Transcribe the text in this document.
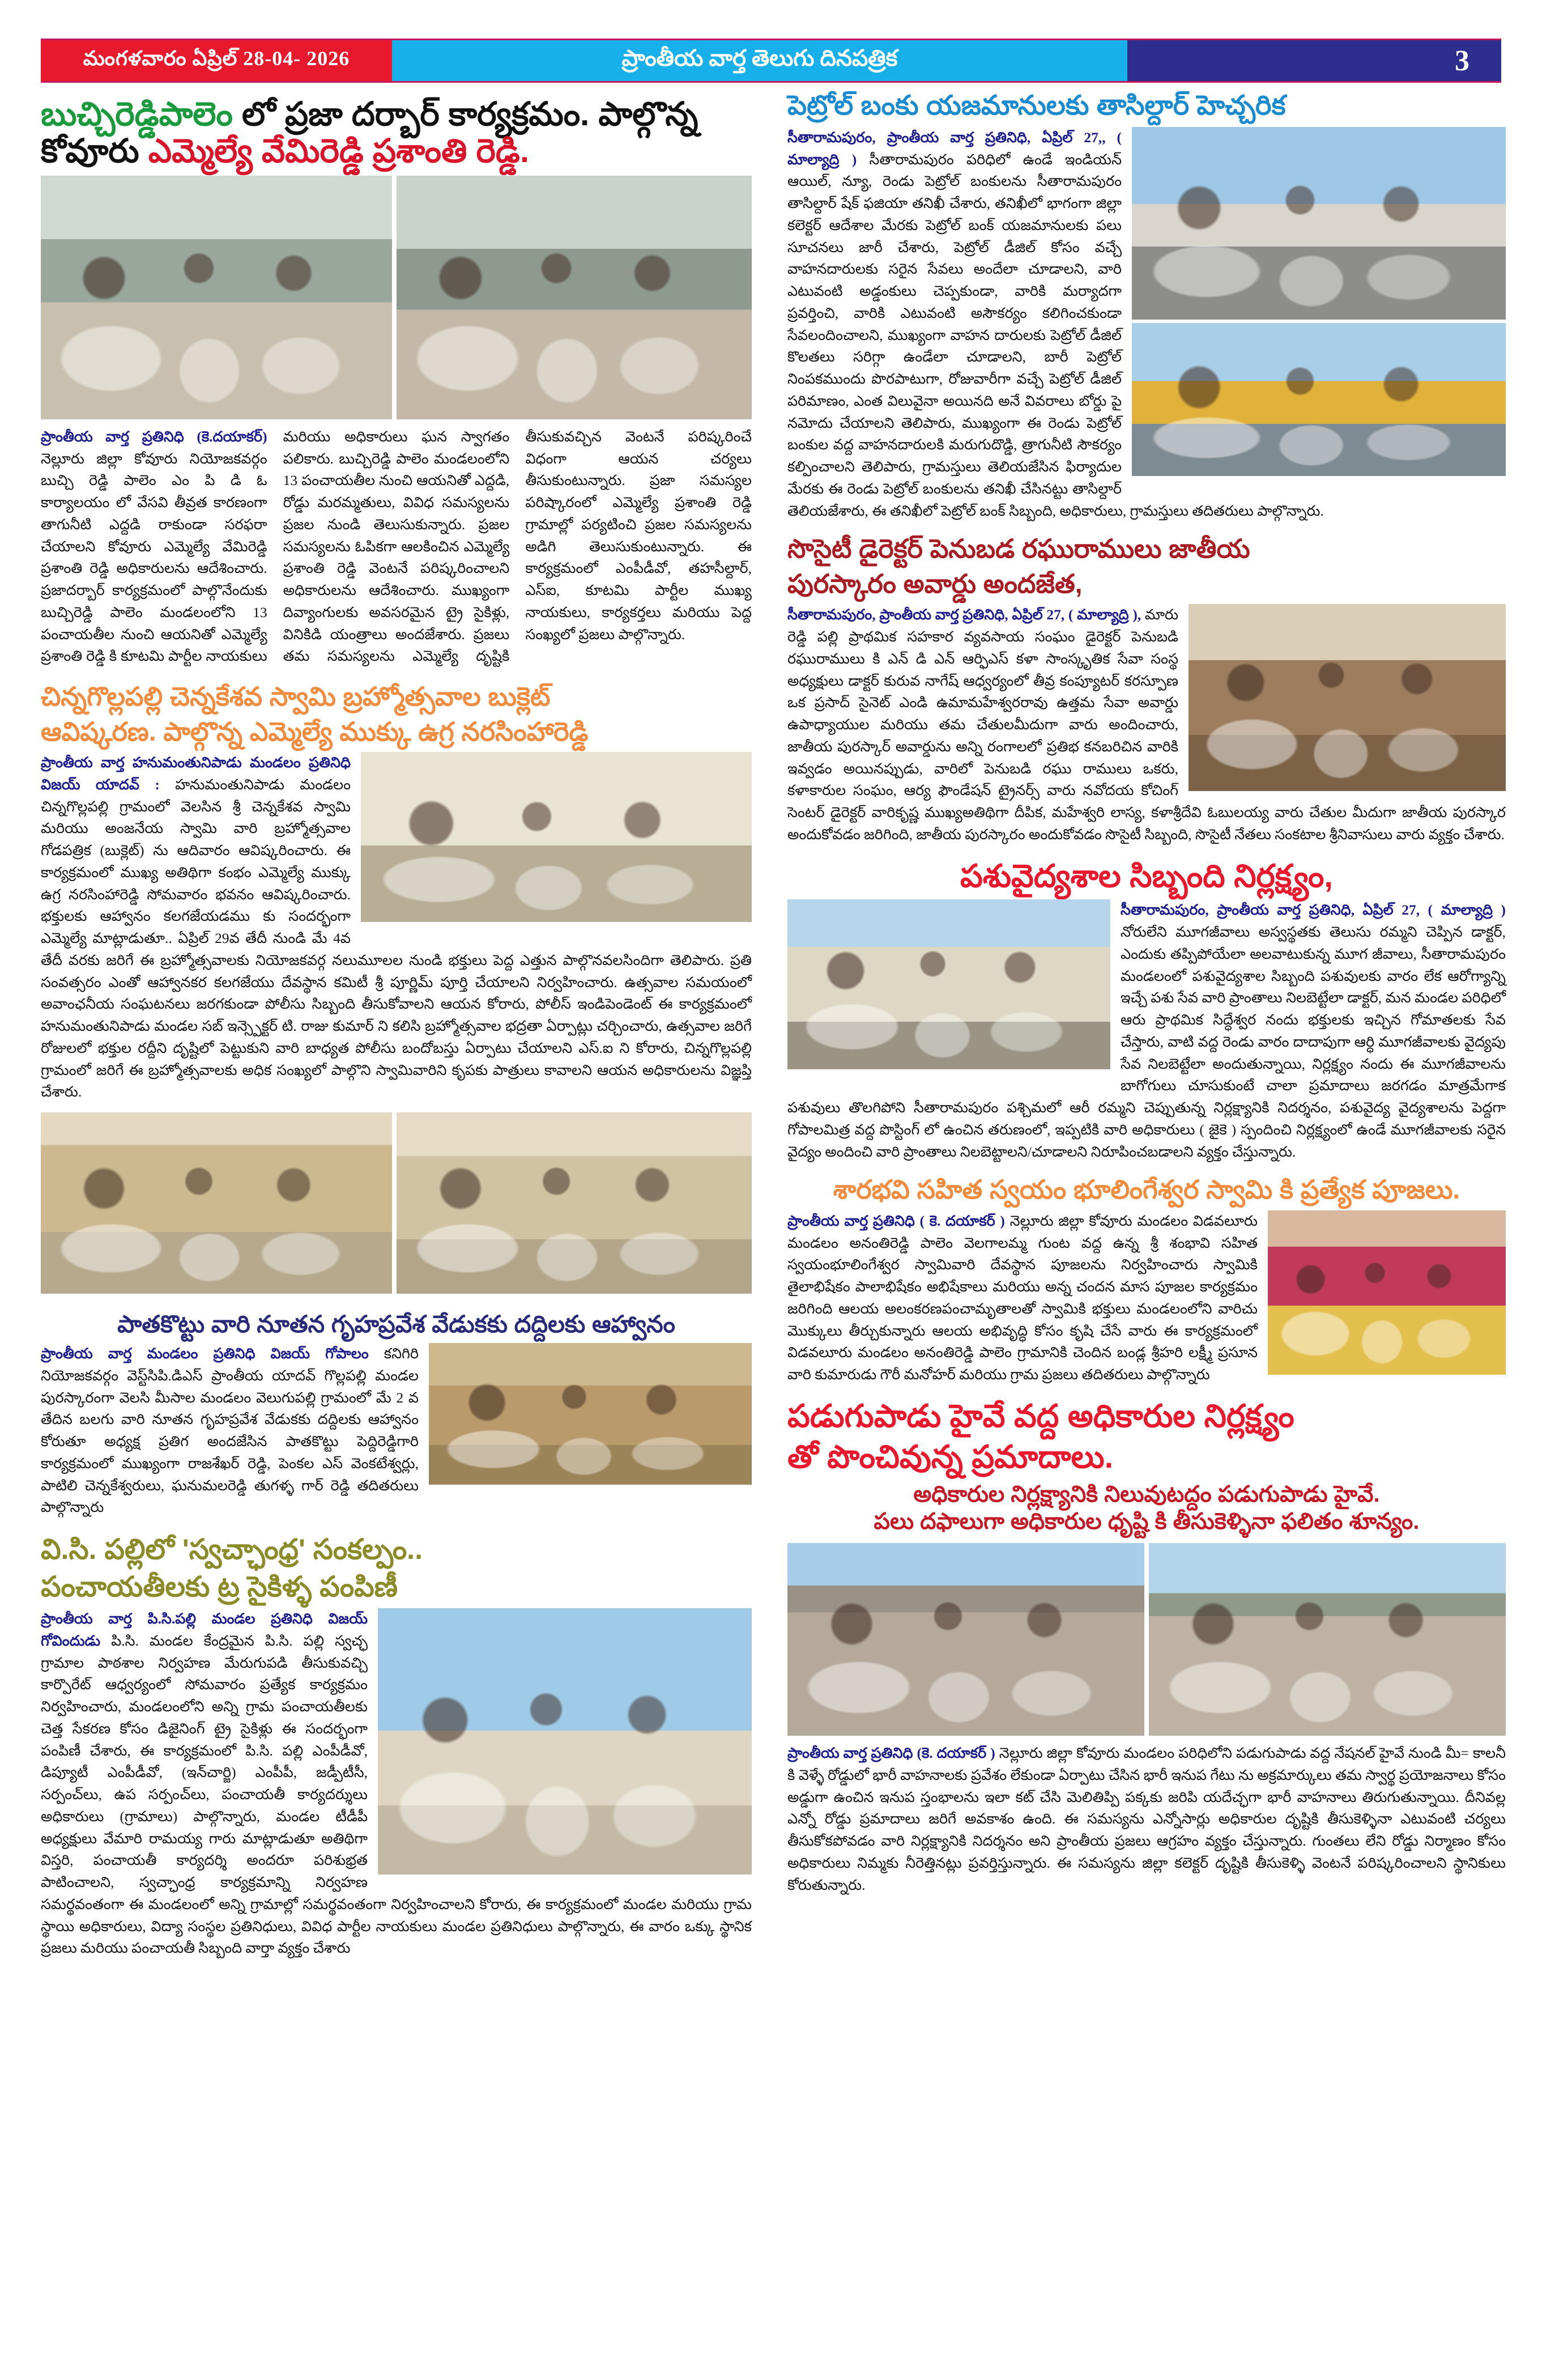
మంగళవారం ఏప్రిల్ 28-04- 2026	ప్రాంతీయ వార్త తెలుగు దినపత్రిక	3
బుచ్చిరెడ్డిపాలెం లో ప్రజా దర్బార్ కార్యక్రమం. పాల్గొన్న కోవూరు ఎమ్మెల్యే వేమిరెడ్డి ప్రశాంతి రెడ్డి.
ప్రాంతీయ వార్త ప్రతినిధి (కె.దయాకర్) నెల్లూరు జిల్లా కోవూరు నియోజకవర్గం బుచ్చి రెడ్డి పాలెం ఎం పి డి ఓ కార్యాలయం లో వేసవి తీవ్రత కారణంగా తాగునీటి ఎద్దడి రాకుండా సరఫరా చేయాలని కోవూరు ఎమ్మెల్యే వేమిరెడ్డి ప్రశాంతి రెడ్డి అధికారులను ఆదేశించారు. ప్రజాదర్బార్ కార్యక్రమంలో పాల్గొనేందుకు బుచ్చిరెడ్డి పాలెం మండలంలోని 13 పంచాయతీల నుంచి ఆయనితో ఎమ్మెల్యే ప్రశాంతి రెడ్డి కి కూటమి పార్టీల నాయకులు మరియు అధికారులు ఘన స్వాగతం పలికారు. బుచ్చిరెడ్డి పాలెం మండలంలోని 13 పంచాయతీల నుంచి ఆయనితో ఎద్దడి, రోడ్డు మరమ్మతులు, వివిధ సమస్యలను ప్రజల నుండి తెలుసుకున్నారు. ప్రజల సమస్యలను ఓపికగా ఆలకించిన ఎమ్మెల్యే ప్రశాంతి రెడ్డి వెంటనే పరిష్కరించాలని అధికారులను ఆదేశించారు. ముఖ్యంగా దివ్యాంగులకు అవసరమైన ట్రై సైకిళ్లు, వినికిడి యంత్రాలు అందజేశారు. ప్రజలు తమ సమస్యలను ఎమ్మెల్యే దృష్టికి తీసుకువచ్చిన వెంటనే పరిష్కరించే విధంగా ఆయన చర్యలు తీసుకుంటున్నారు. ప్రజా సమస్యల పరిష్కారంలో ఎమ్మెల్యే ప్రశాంతి రెడ్డి గ్రామాల్లో పర్యటించి ప్రజల సమస్యలను అడిగి తెలుసుకుంటున్నారు. ఈ కార్యక్రమంలో ఎంపీడీవో, తహసీల్దార్, ఎస్‌ఐ, కూటమి పార్టీల ముఖ్య నాయకులు, కార్యకర్తలు మరియు పెద్ద సంఖ్యలో ప్రజలు పాల్గొన్నారు.
చిన్నగొల్లపల్లి చెన్నకేశవ స్వామి బ్రహ్మోత్సవాల బుక్లెట్
ఆవిష్కరణ. పాల్గొన్న ఎమ్మెల్యే ముక్కు ఉగ్ర నరసింహారెడ్డి
ప్రాంతీయ వార్త హనుమంతునిపాడు మండలం ప్రతినిధి విజయ్ యాదవ్ : హనుమంతునిపాడు మండలం చిన్నగొల్లపల్లి గ్రామంలో వెలసిన శ్రీ చెన్నకేశవ స్వామి మరియు అంజనేయ స్వామి వారి బ్రహ్మోత్సవాల గోడపత్రిక (బుక్లెట్) ను ఆదివారం ఆవిష్కరించారు. ఈ కార్యక్రమంలో ముఖ్య అతిథిగా కంభం ఎమ్మెల్యే ముక్కు ఉగ్ర నరసింహారెడ్డి సోమవారం భవనం ఆవిష్కరించారు. భక్తులకు ఆహ్వానం కలగజేయడము కు సందర్భంగా ఎమ్మెల్యే మాట్లాడుతూ.. ఏప్రిల్ 29వ తేదీ నుండి మే 4వ తేదీ వరకు జరిగే ఈ బ్రహ్మోత్సవాలకు నియోజకవర్గ నలుమూలల నుండి భక్తులు పెద్ద ఎత్తున పాల్గొనవలసిందిగా తెలిపారు. ప్రతి సంవత్సరం ఎంతో ఆహ్వానకర కలగజేయు దేవస్థాన కమిటీ శ్రీ పూర్ణిమ్ పూర్తి చేయాలని నిర్వహించారు. ఉత్సవాల సమయంలో అవాంఛనీయ సంఘటనలు జరగకుండా పోలీసు సిబ్బంది తీసుకోవాలని ఆయన కోరారు, పోలీస్ ఇండిపెండెంట్ ఈ కార్యక్రమంలో హనుమంతునిపాడు మండల సబ్ ఇన్స్పెక్టర్ టి. రాజు కుమార్ ని కలిసి బ్రహ్మోత్సవాల భద్రతా ఏర్పాట్లు చర్చించారు, ఉత్సవాల జరిగే రోజులలో భక్తుల రద్దీని దృష్టిలో పెట్టుకుని వారి బాధ్యత పోలీసు బందోబస్తు ఏర్పాటు చేయాలని ఎస్.ఐ ని కోరారు, చిన్నగొల్లపల్లి గ్రామంలో జరిగే ఈ బ్రహ్మోత్సవాలకు అధిక సంఖ్యలో పాల్గొని స్వామివారిని కృపకు పాత్రులు కావాలని ఆయన అధికారులను విజ్ఞప్తి చేశారు.
పాతకొట్టు వారి నూతన గృహప్రవేశ వేడుకకు దద్దిలకు ఆహ్వానం
ప్రాంతీయ వార్త మండలం ప్రతినిధి విజయ్ గోపాలం కనిగిరి నియోజకవర్గం వెస్ట్‌సిపి.డిఎస్ ప్రాంతీయ యాదవ్ గొల్లపల్లి మండల పురస్కారంగా వెలసి మీసాల మండలం వెలుగుపల్లి గ్రామంలో మే 2 వ తేదిన బలగు వారి నూతన గృహప్రవేశ వేడుకకు దద్దిలకు ఆహ్వానం కోరుతూ అధ్యక్ష ప్రతిగ అందజేసిన పాతకొట్టు పెద్దిరెడ్డిగారి కార్యక్రమంలో ముఖ్యంగా రాజశేఖర్ రెడ్డి, పెంకల ఎస్ వెంకటేశ్వర్లు, పాటిలి చెన్నకేశ్వరులు, ఘనుమలరెడ్డి తుగళ్ళ గార్ రెడ్డి తదితరులు పాల్గొన్నారు
వి.సి. పల్లిలో 'స్వచ్ఛాంధ్ర' సంకల్పం..
పంచాయతీలకు ట్ర సైకిళ్ళ పంపిణీ
ప్రాంతీయ వార్త పి.సి.పల్లి మండల ప్రతినిధి విజయ్ గోవిందుడు పి.సి. మండల కేంద్రమైన పి.సి. పల్లి స్వచ్ఛ గ్రామాల పాఠశాల నిర్వహణ మేరుగుపడి తీసుకువచ్చి కార్పొరేట్ ఆధ్వర్యంలో సోమవారం ప్రత్యేక కార్యక్రమం నిర్వహించారు, మండలంలోని అన్ని గ్రామ పంచాయతీలకు చెత్త సేకరణ కోసం డిజైనింగ్ ట్రై సైకిళ్లు ఈ సందర్భంగా పంపిణీ చేశారు, ఈ కార్యక్రమంలో పి.సి. పల్లి ఎంపీడీవో, డిప్యూటీ ఎంపీడీవో, (ఇన్‌చార్జి) ఎంపీపీ, జడ్పీటీసీ, సర్పంచ్‌లు, ఉప సర్పంచ్‌లు, పంచాయతీ కార్యదర్శులు అధికారులు (గ్రామాలు) పాల్గొన్నారు, మండల టీడీపీ అధ్యక్షులు వేమారి రామయ్య గారు మాట్లాడుతూ అతిథిగా విస్తరి, పంచాయతీ కార్యదర్శి అందరూ పరిశుభ్రత పాటించాలని, స్వచ్ఛాంధ్ర కార్యక్రమాన్ని నిర్వహణ సమర్థవంతంగా ఈ మండలంలో అన్ని గ్రామాల్లో సమర్థవంతంగా నిర్వహించాలని కోరారు, ఈ కార్యక్రమంలో మండల మరియు గ్రామ స్థాయి అధికారులు, విద్యా సంస్థల ప్రతినిధులు, వివిధ పార్టీల నాయకులు మండల ప్రతినిధులు పాల్గొన్నారు, ఈ వారం ఒక్కు స్థానిక ప్రజలు మరియు పంచాయతీ సిబ్బంది వార్తా వ్యక్తం చేశారు
పెట్రోల్ బంకు యజమానులకు తాసిల్దార్ హెచ్చరిక
సీతారామపురం, ప్రాంతీయ వార్త ప్రతినిధి, ఏప్రిల్ 27,, ( మాల్యాద్రి ) సీతారామపురం పరిధిలో ఉండే ఇండియన్ ఆయిల్, న్యూ, రెండు పెట్రోల్ బంకులను సీతారామపురం తాసిల్దార్ షేక్ ఫజియా తనిఖీ చేశారు, తనిఖీలో భాగంగా జిల్లా కలెక్టర్ ఆదేశాల మేరకు పెట్రోల్ బంక్ యజమానులకు పలు సూచనలు జారీ చేశారు, పెట్రోల్ డీజిల్ కోసం వచ్చే వాహనదారులకు సరైన సేవలు అందేలా చూడాలని, వారి ఎటువంటి అడ్డంకులు చెప్పకుండా, వారికి మర్యాదగా ప్రవర్తించి, వారికి ఎటువంటి అసౌకర్యం కలిగించకుండా సేవలందించాలని, ముఖ్యంగా వాహన దారులకు పెట్రోల్ డీజిల్ కొలతలు సరిగ్గా ఉండేలా చూడాలని, బారీ పెట్రోల్ నింపకముందు పొరపాటుగా, రోజువారీగా వచ్చే పెట్రోల్ డీజిల్ పరిమాణం, ఎంత విలువైనా అయినది అనే వివరాలు బోర్డు పై నమోదు చేయాలని తెలిపారు, ముఖ్యంగా ఈ రెండు పెట్రోల్ బంకుల వద్ద వాహనదారులకి మరుగుదొడ్డి, త్రాగునీటి సౌకర్యం కల్పించాలని తెలిపారు, గ్రామస్తులు తెలియజేసిన ఫిర్యాదుల మేరకు ఈ రెండు పెట్రోల్ బంకులను తనిఖీ చేసినట్టు తాసిల్దార్ తెలియజేశారు, ఈ తనిఖీలో పెట్రోల్ బంక్ సిబ్బంది, అధికారులు, గ్రామస్తులు తదితరులు పాల్గొన్నారు.
సొసైటీ డైరెక్టర్ పెనుబడ రఘురాములు జాతీయ
పురస్కారం అవార్డు అందజేత,
సీతారామపురం, ప్రాంతీయ వార్త ప్రతినిధి, ఏప్రిల్ 27, ( మాల్యాద్రి ), మారు రెడ్డి పల్లి ప్రాథమిక సహకార వ్యవసాయ సంఘం డైరెక్టర్ పెనుబడి రఘురాములు కి ఎన్ డి ఎన్ ఆర్ఫిఎస్ కళా సాంస్కృతిక సేవా సంస్థ అధ్యక్షులు డాక్టర్ కురువ నాగేష్ ఆధ్వర్యంలో తీవ్ర కంప్యూటర్ కరస్పూణ ఒక ప్రసాద్ సైనెట్ ఎండి ఉమామహేశ్వరరావు ఉత్తమ సేవా అవార్డు ఉపాధ్యాయుల మరియు తమ చేతులమీదుగా వారు అందించారు, జాతీయ పురస్కార్ అవార్డును అన్ని రంగాలలో ప్రతిభ కనబరిచిన వారికి ఇవ్వడం అయినప్పుడు, వారిలో పెనుబడి రఘు రాములు ఒకరు, కళాకారుల సంఘం, ఆర్య ఫౌండేషన్ ట్రైనర్స్ వారు నవోదయ కోచింగ్ సెంటర్ డైరెక్టర్ వారికృష్ణ ముఖ్యఅతిథిగా దీపిక, మహేశ్వరి లాస్య, కళాశ్రీదేవి ఓబులయ్య వారు చేతుల మీదుగా జాతీయ పురస్కార అందుకోవడం జరిగింది, జాతీయ పురస్కారం అందుకోవడం సొసైటీ సిబ్బంది, సొసైటీ నేతలు సంకటాల శ్రీనివాసులు వారు వ్యక్తం చేశారు.
పశువైద్యశాల సిబ్బంది నిర్లక్ష్యం,
సీతారామపురం, ప్రాంతీయ వార్త ప్రతినిధి, ఏప్రిల్ 27, ( మాల్యాద్రి ) నోరులేని మూగజీవాలు అస్వస్థతకు తెలుసు రమ్మని చెప్పిన డాక్టర్, ఎందుకు తప్పిపోయేలా అలవాటుకున్న మూగ జీవాలు, సీతారామపురం మండలంలో పశువైద్యశాల సిబ్బంది పశువులకు వారం లేక ఆరోగ్యాన్ని ఇచ్చే పశు సేవ వారి ప్రాంతాలు నిలబెట్టేలా డాక్టర్, మన మండల పరిధిలో ఆరు ప్రాథమిక సిద్ధేశ్వర నందు భక్తులకు ఇచ్చిన గోమాతలకు సేవ చేస్తారు, వాటి వద్ద రెండు వారం దాదాపుగా ఆర్ధి మూగజీవాలకు వైద్యపు సేవ నిలబెట్టేలా అందుతున్నాయి, నిర్లక్ష్యం నందు ఈ మూగజీవాలను బాగోగులు చూసుకుంటే చాలా ప్రమాదాలు జరగడం మాత్రమేగాక పశువులు తొలగిపోని సీతారామపురం పశ్చిమలో ఆరీ రమ్మని చెప్పుతున్న నిర్లక్ష్యానికి నిదర్శనం, పశువైద్య వైద్యశాలను పెద్దగా గోపాలమిత్ర వద్ద పొస్టింగ్ లో ఉంచిన తరుణంలో, ఇప్పటికి వారి అధికారులు ( జైకె ) స్పందించి నిర్లక్ష్యంలో ఉండే మూగజీవాలకు సరైన వైద్యం అందించి వారి ప్రాంతాలు నిలబెట్టాలని/చూడాలని నిరూపించబడాలని వ్యక్తం చేస్తున్నారు.
శారభవి సహిత స్వయం భూలింగేశ్వర స్వామి కి ప్రత్యేక పూజలు.
ప్రాంతీయ వార్త ప్రతినిధి ( కె. దయాకర్ ) నెల్లూరు జిల్లా కోవూరు మండలం విడవలూరు మండలం అనంతిరెడ్డి పాలెం వెలగాలమ్మ గుంట వద్ద ఉన్న శ్రీ శంభావి సహిత స్వయంభూలింగేశ్వర స్వామివారి దేవస్థాన పూజలను నిర్వహించారు స్వామికి తైలాభిషేకం పాలాభిషేకం అభిషేకాలు మరియు అన్న చందన మాస పూజల కార్యక్రమం జరిగింది ఆలయ అలంకరణపంచామృతాలతో స్వామికి భక్తులు మండలంలోని వారిచు మొక్కులు తీర్చుకున్నారు ఆలయ అభివృద్ధి కోసం కృషి చేసే వారు ఈ కార్యక్రమంలో విడవలూరు మండలం అనంతిరెడ్డి పాలెం గ్రామానికి చెందిన బండ్ల శ్రీహరి లక్ష్మీ ప్రసూన వారి కుమారుడు గౌరీ మనోహర్ మరియు గ్రామ ప్రజలు తదితరులు పాల్గొన్నారు
పడుగుపాడు హైవే వద్ద అధికారుల నిర్లక్ష్యం
తో పొంచివున్న ప్రమాదాలు.
అధికారుల నిర్లక్ష్యానికి నిలువుటద్దం పడుగుపాడు హైవే.
పలు దఫాలుగా అధికారుల ధృష్టి కి తీసుకెళ్ళినా ఫలితం శూన్యం.
ప్రాంతీయ వార్త ప్రతినిధి (కె. దయాకర్ ) నెల్లూరు జిల్లా కోవూరు మండలం పరిధిలోని పడుగుపాడు వద్ద నేషనల్ హైవే నుండి మీ= కాలనీ కి వెళ్ళే రోడ్డులో భారీ వాహనాలకు ప్రవేశం లేకుండా ఏర్పాటు చేసిన భారీ ఇనుప గేటు ను అక్రమార్కులు తమ స్వార్థ ప్రయోజనాలు కోసం అడ్డుగా ఉంచిన ఇనుప స్తంభాలను ఇలా కట్ చేసి మెలితిప్పి పక్కకు జరిపి యదేచ్ఛగా భారీ వాహనాలు తిరుగుతున్నాయి. దీనివల్ల ఎన్నో రోడ్డు ప్రమాదాలు జరిగే అవకాశం ఉంది. ఈ సమస్యను ఎన్నోసార్లు అధికారుల దృష్టికి తీసుకెళ్ళినా ఎటువంటి చర్యలు తీసుకోకపోవడం వారి నిర్లక్ష్యానికి నిదర్శనం అని ప్రాంతీయ ప్రజలు ఆగ్రహం వ్యక్తం చేస్తున్నారు. గుంతలు లేని రోడ్డు నిర్మాణం కోసం అధికారులు నిమ్మకు నీరెత్తినట్లు ప్రవర్తిస్తున్నారు. ఈ సమస్యను జిల్లా కలెక్టర్ దృష్టికి తీసుకెళ్ళి వెంటనే పరిష్కరించాలని స్థానికులు కోరుతున్నారు.
